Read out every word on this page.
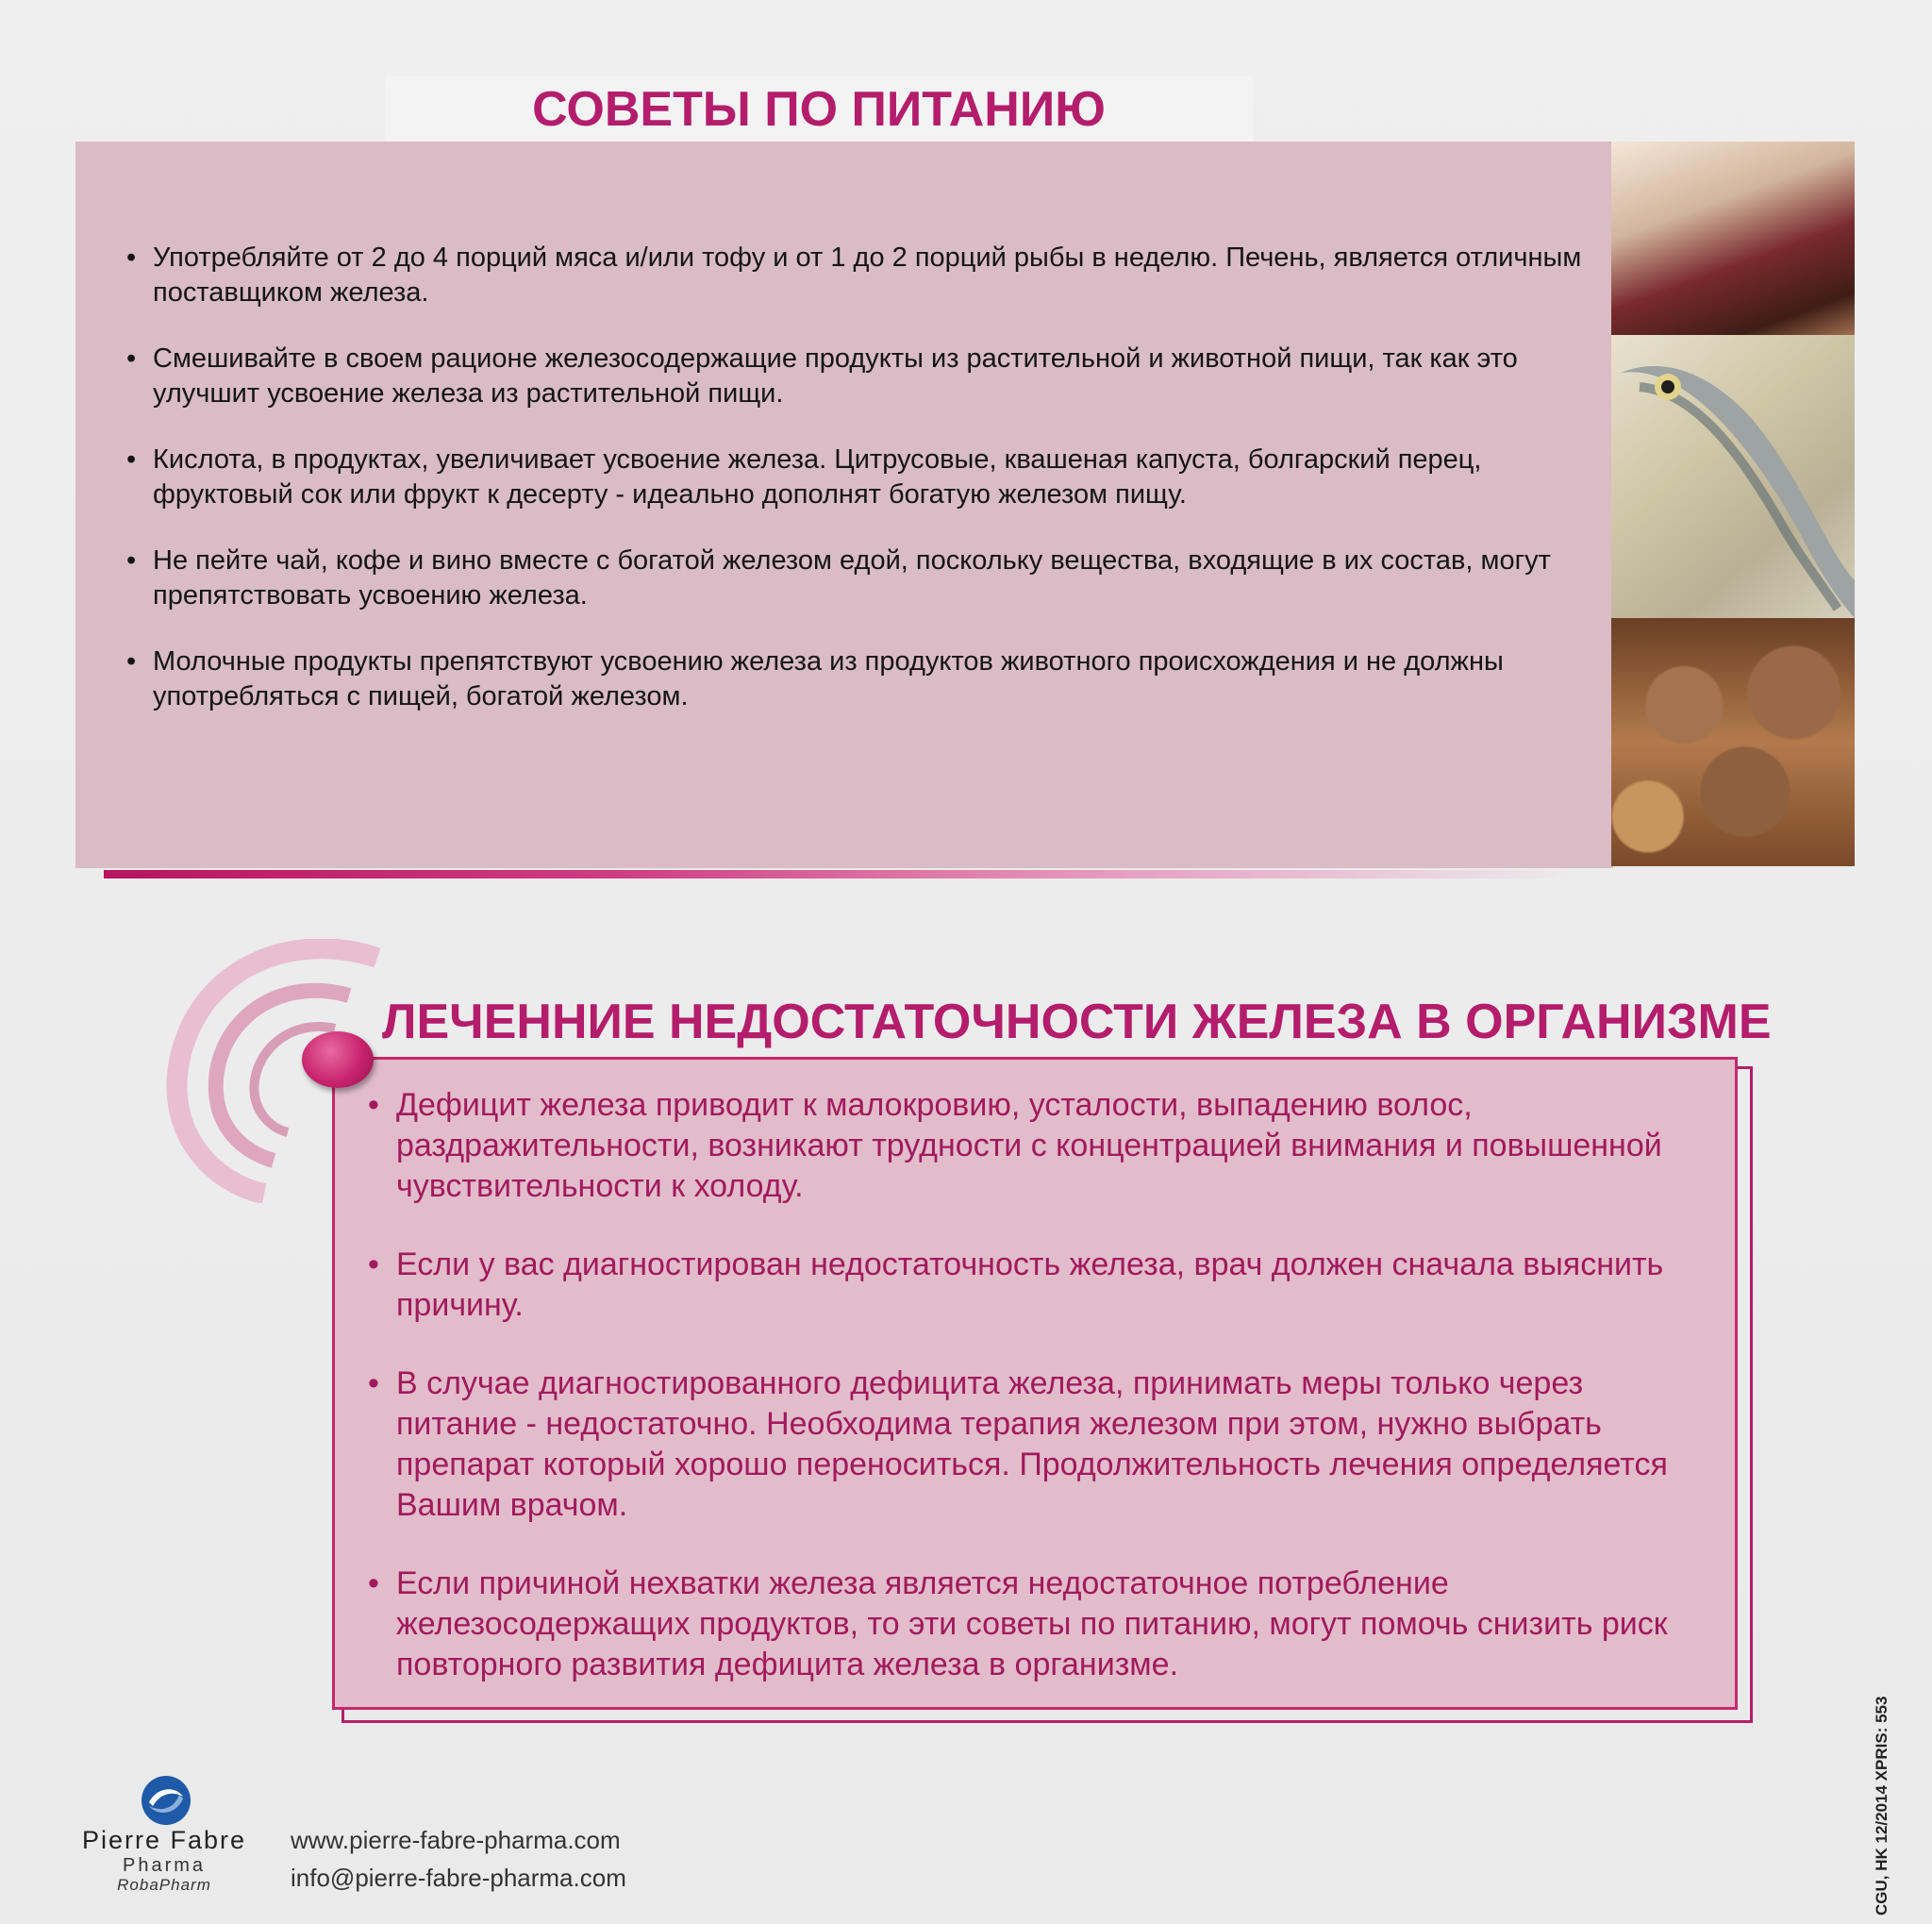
СОВЕТЫ ПО ПИТАНИЮ
• Употребляйте от 2 до 4 порций мяса и/или тофу и от 1 до 2 порций рыбы в неделю. Печень, является отличным поставщиком железа.
• Смешивайте в своем рационе железосодержащие продукты из растительной и животной пищи, так как это улучшит усвоение железа из растительной пищи.
• Кислота, в продуктах, увеличивает усвоение железа. Цитрусовые, квашеная капуста, болгарский перец, фруктовый сок или фрукт к десерту - идеально дополнят богатую железом пищу.
• Не пейте чай, кофе и вино вместе с богатой железом едой, поскольку вещества, входящие в их состав, могут препятствовать усвоению железа.
• Молочные продукты препятствуют усвоению железа из продуктов животного происхождения и не должны употребляться с пищей, богатой железом.
ЛЕЧЕННИЕ НЕДОСТАТОЧНОСТИ ЖЕЛЕЗА В ОРГАНИЗМЕ
• Дефицит железа приводит к малокровию, усталости, выпадению волос, раздражительности, возникают трудности с концентрацией внимания и повышенной чувствительности к холоду.
• Если у вас диагностирован недостаточность железа, врач должен сначала выяснить причину.
• В случае диагностированного дефицита железа, принимать меры только через питание - недостаточно. Необходима терапия железом при этом, нужно выбрать препарат который хорошо переноситься. Продолжительность лечения определяется Вашим врачом.
• Если причиной нехватки железа является недостаточное потребление железосодержащих продуктов, то эти советы по питанию, могут помочь снизить риск повторного развития дефицита железа в организме.
Pierre Fabre
Pharma
RobaPharm
www.pierre-fabre-pharma.com
info@pierre-fabre-pharma.com	CGU, HK 12/2014 XPRIS: 553
